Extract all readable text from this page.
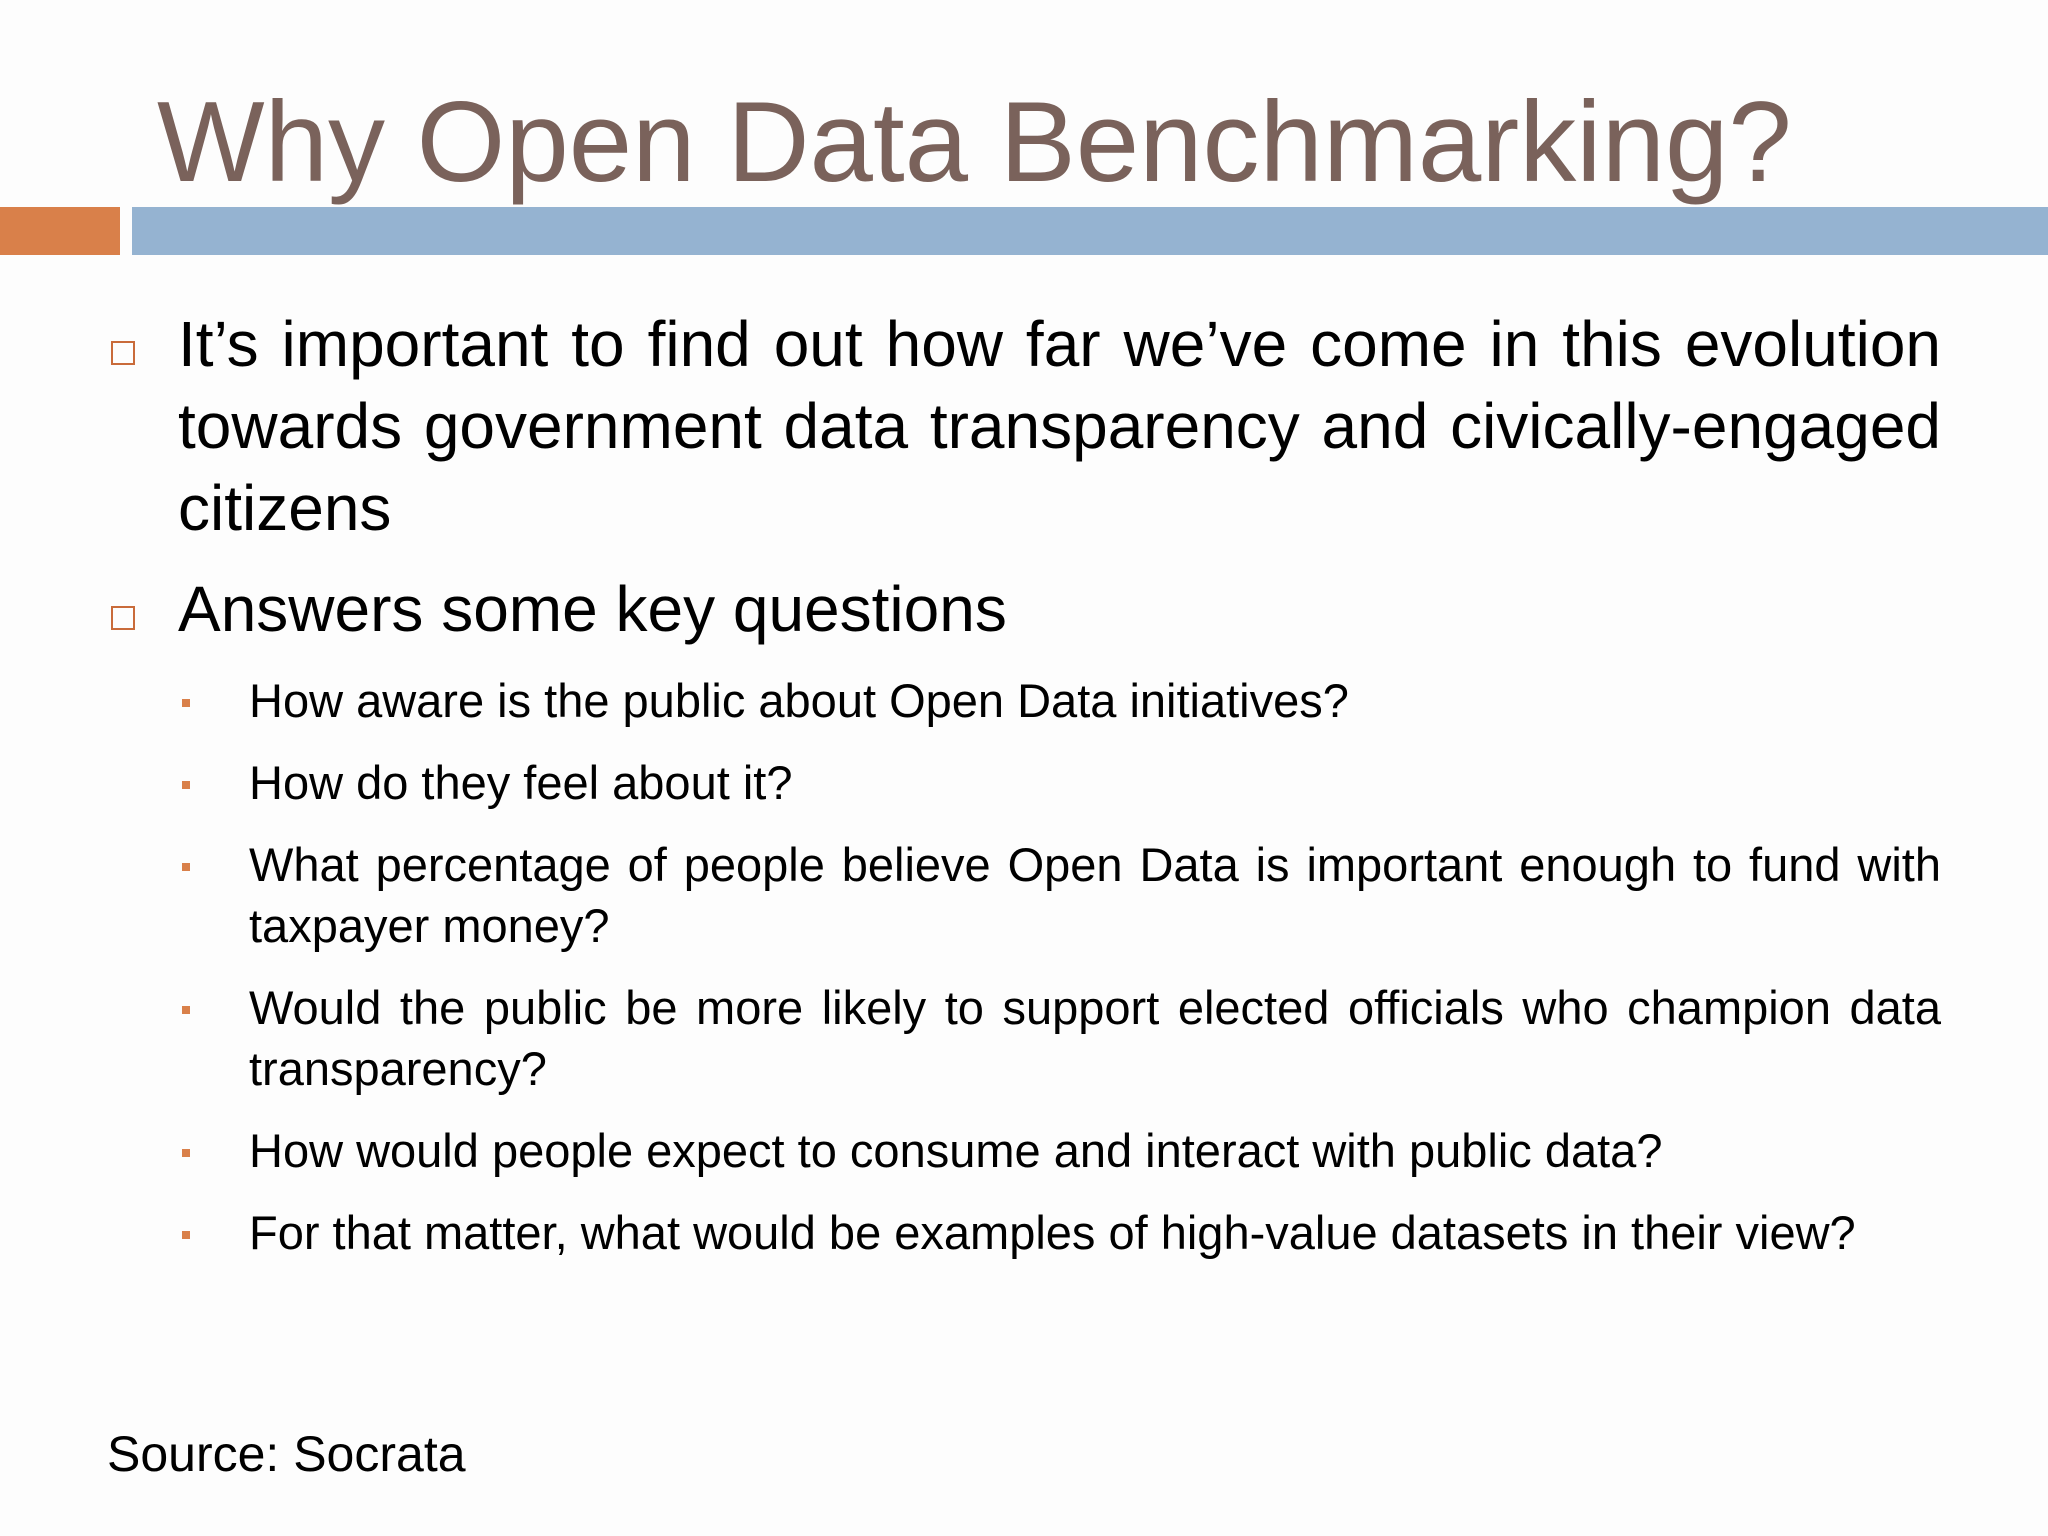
Why Open Data Benchmarking?
It’s important to find out how far we’ve come in this evolution towards government data transparency and civically-engaged citizens
Answers some key questions
How aware is the public about Open Data initiatives?
How do they feel about it?
What percentage of people believe Open Data is important enough to fund with taxpayer money?
Would the public be more likely to support elected officials who champion data transparency?
How would people expect to consume and interact with public data?
For that matter, what would be examples of high-value datasets in their view?
Source: Socrata
